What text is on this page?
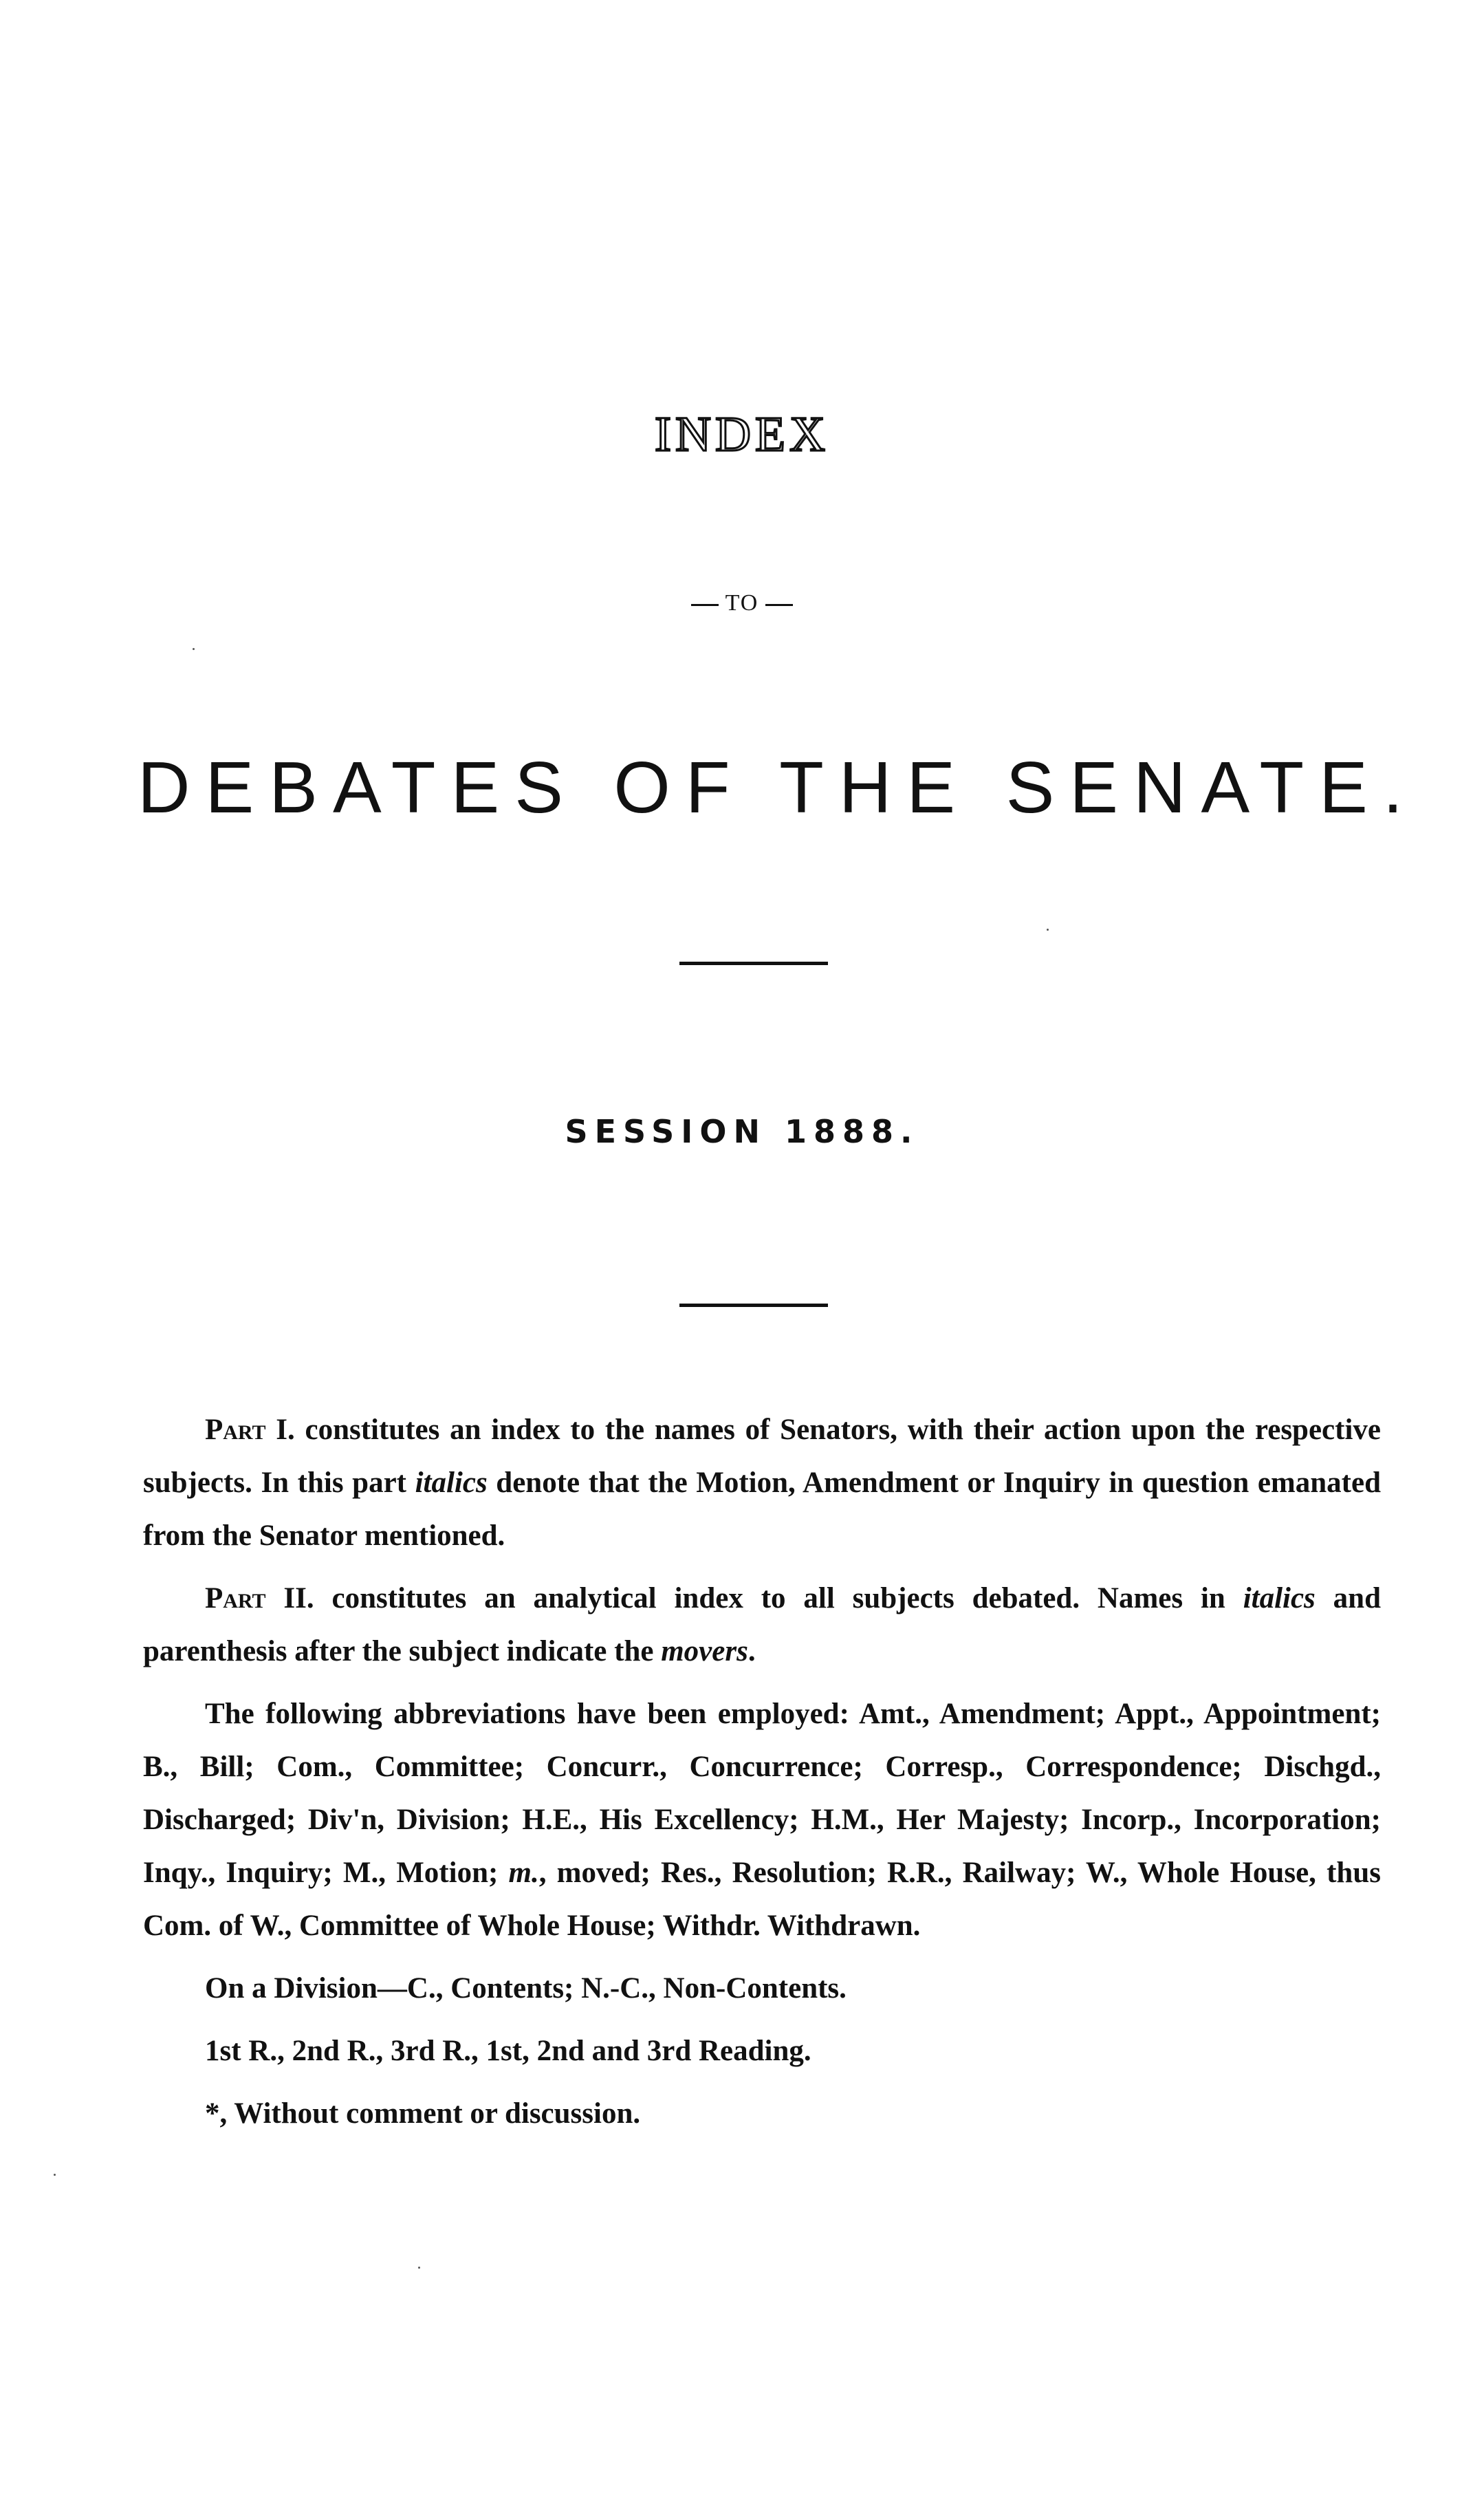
INDEX
TO
DEBATES OF THE SENATE.
SESSION 1888.

Part I. constitutes an index to the names of Senators, with their action upon the respective subjects. In this part italics denote that the Motion, Amendment or Inquiry in question emanated from the Senator mentioned.

Part II. constitutes an analytical index to all subjects debated. Names in italics and parenthesis after the subject indicate the movers.

The following abbreviations have been employed: Amt., Amendment; Appt., Appointment; B., Bill; Com., Committee; Concurr., Concurrence; Corresp., Correspondence; Dischgd., Discharged; Div'n, Division; H.E., His Excellency; H.M., Her Majesty; Incorp., Incorporation; Inqy., Inquiry; M., Motion; m., moved; Res., Resolution; R.R., Railway; W., Whole House, thus Com. of W., Committee of Whole House; Withdr. Withdrawn.

On a Division—C., Contents; N.-C., Non-Contents.

1st R., 2nd R., 3rd R., 1st, 2nd and 3rd Reading.

*, Without comment or discussion.
